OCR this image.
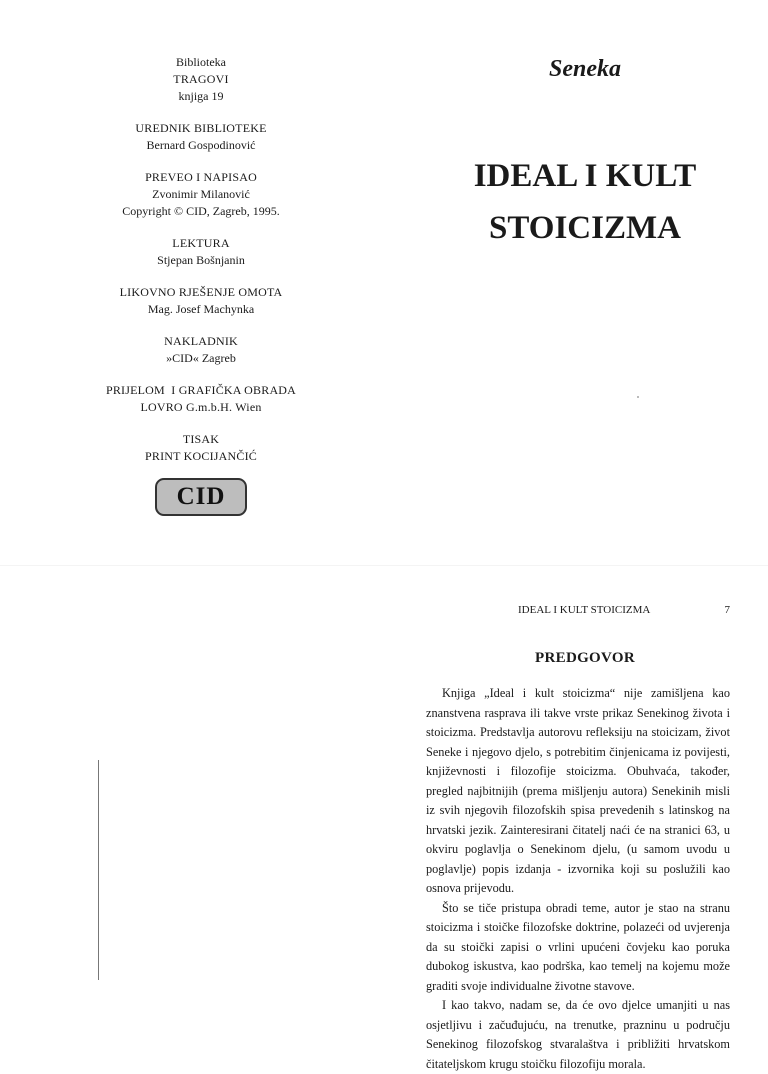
Biblioteka
TRAGOVI
knjiga 19
UREDNIK BIBLIOTEKE
Bernard Gospodinović
PREVEO I NAPISAO
Zvonimir Milanović
Copyright © CID, Zagreb, 1995.
LEKTURA
Stjepan Bošnjanin
LIKOVNO RJEŠENJE OMOTA
Mag. Josef Machynka
NAKLADNIK
»CID« Zagreb
PRIJELOM  I GRAFIČKA OBRADA
LOVRO G.m.b.H. Wien
TISAK
PRINT KOCIJANČIĆ
CID
Seneka
IDEAL I KULT
STOICIZMA
IDEAL I KULT STOICIZMA	7
PREDGOVOR

Knjiga „Ideal i kult stoicizma“ nije zamišljena kao znanstvena rasprava ili takve vrste prikaz Senekinog života i stoicizma. Predstavlja autorovu refleksiju na stoicizam, život Seneke i njegovo djelo, s potrebitim činjenicama iz povijesti, književnosti i filozofije stoicizma. Obuhvaća, također, pregled najbitnijih (prema mišljenju autora) Senekinih misli iz svih njegovih filozofskih spisa prevedenih s latinskog na hrvatski jezik. Zainteresirani čitatelj naći će na stranici 63, u okviru poglavlja o Senekinom djelu, (u samom uvodu u poglavlje) popis izdanja - izvornika koji su poslužili kao osnova prijevodu.

Što se tiče pristupa obradi teme, autor je stao na stranu stoicizma i stoičke filozofske doktrine, polazeći od uvjerenja da su stoički zapisi o vrlini upućeni čovjeku kao poruka dubokog iskustva, kao podrška, kao temelj na kojemu može graditi svoje individualne životne stavove.

I kao takvo, nadam se, da će ovo djelce umanjiti u nas osjetljivu i začuđujuću, na trenutke, prazninu u području Senekinog filozofskog stvaralaštva i približiti hrvatskom čitateljskom krugu stoičku filozofiju morala.
